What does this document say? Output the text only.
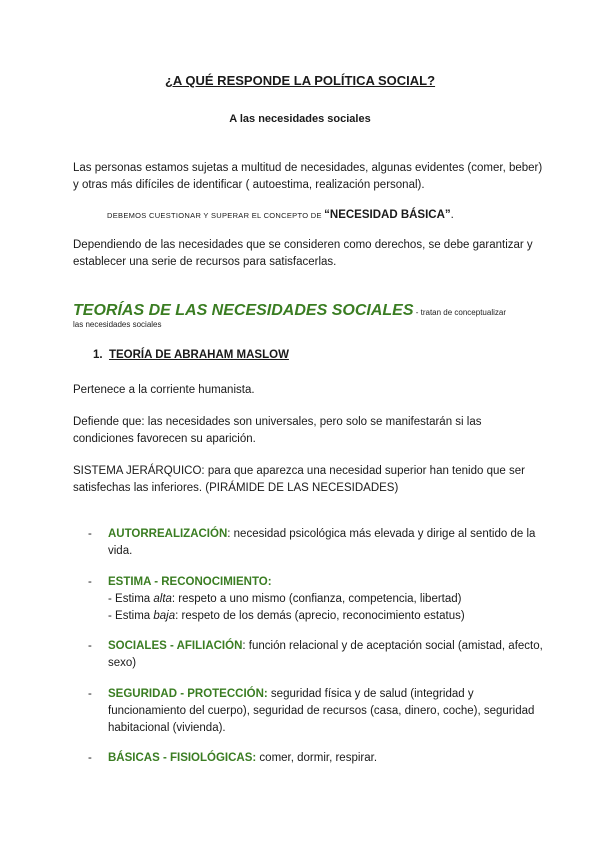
¿A QUÉ RESPONDE LA POLÍTICA SOCIAL?
A las necesidades sociales
Las personas estamos sujetas a multitud de necesidades, algunas evidentes (comer, beber) y otras más difíciles de identificar ( autoestima, realización personal).
DEBEMOS CUESTIONAR Y SUPERAR EL CONCEPTO DE “NECESIDAD BÁSICA”.
Dependiendo de las necesidades que se consideren como derechos, se debe garantizar y establecer una serie de recursos para satisfacerlas.
TEORÍAS DE LAS NECESIDADES SOCIALES - tratan de conceptualizar
las necesidades sociales
1. TEORÍA DE ABRAHAM MASLOW
Pertenece a la corriente humanista.
Defiende que: las necesidades son universales, pero solo se manifestarán si las condiciones favorecen su aparición.
SISTEMA JERÁRQUICO: para que aparezca una necesidad superior han tenido que ser satisfechas las inferiores. (PIRÁMIDE DE LAS NECESIDADES)
- AUTORREALIZACIÓN: necesidad psicológica más elevada y dirige al sentido de la vida.
- ESTIMA - RECONOCIMIENTO:
- Estima alta: respeto a uno mismo (confianza, competencia, libertad)
- Estima baja: respeto de los demás (aprecio, reconocimiento estatus)
- SOCIALES - AFILIACIÓN: función relacional y de aceptación social (amistad, afecto, sexo)
- SEGURIDAD - PROTECCIÓN: seguridad física y de salud (integridad y funcionamiento del cuerpo), seguridad de recursos (casa, dinero, coche), seguridad habitacional (vivienda).
- BÁSICAS - FISIOLÓGICAS: comer, dormir, respirar.
